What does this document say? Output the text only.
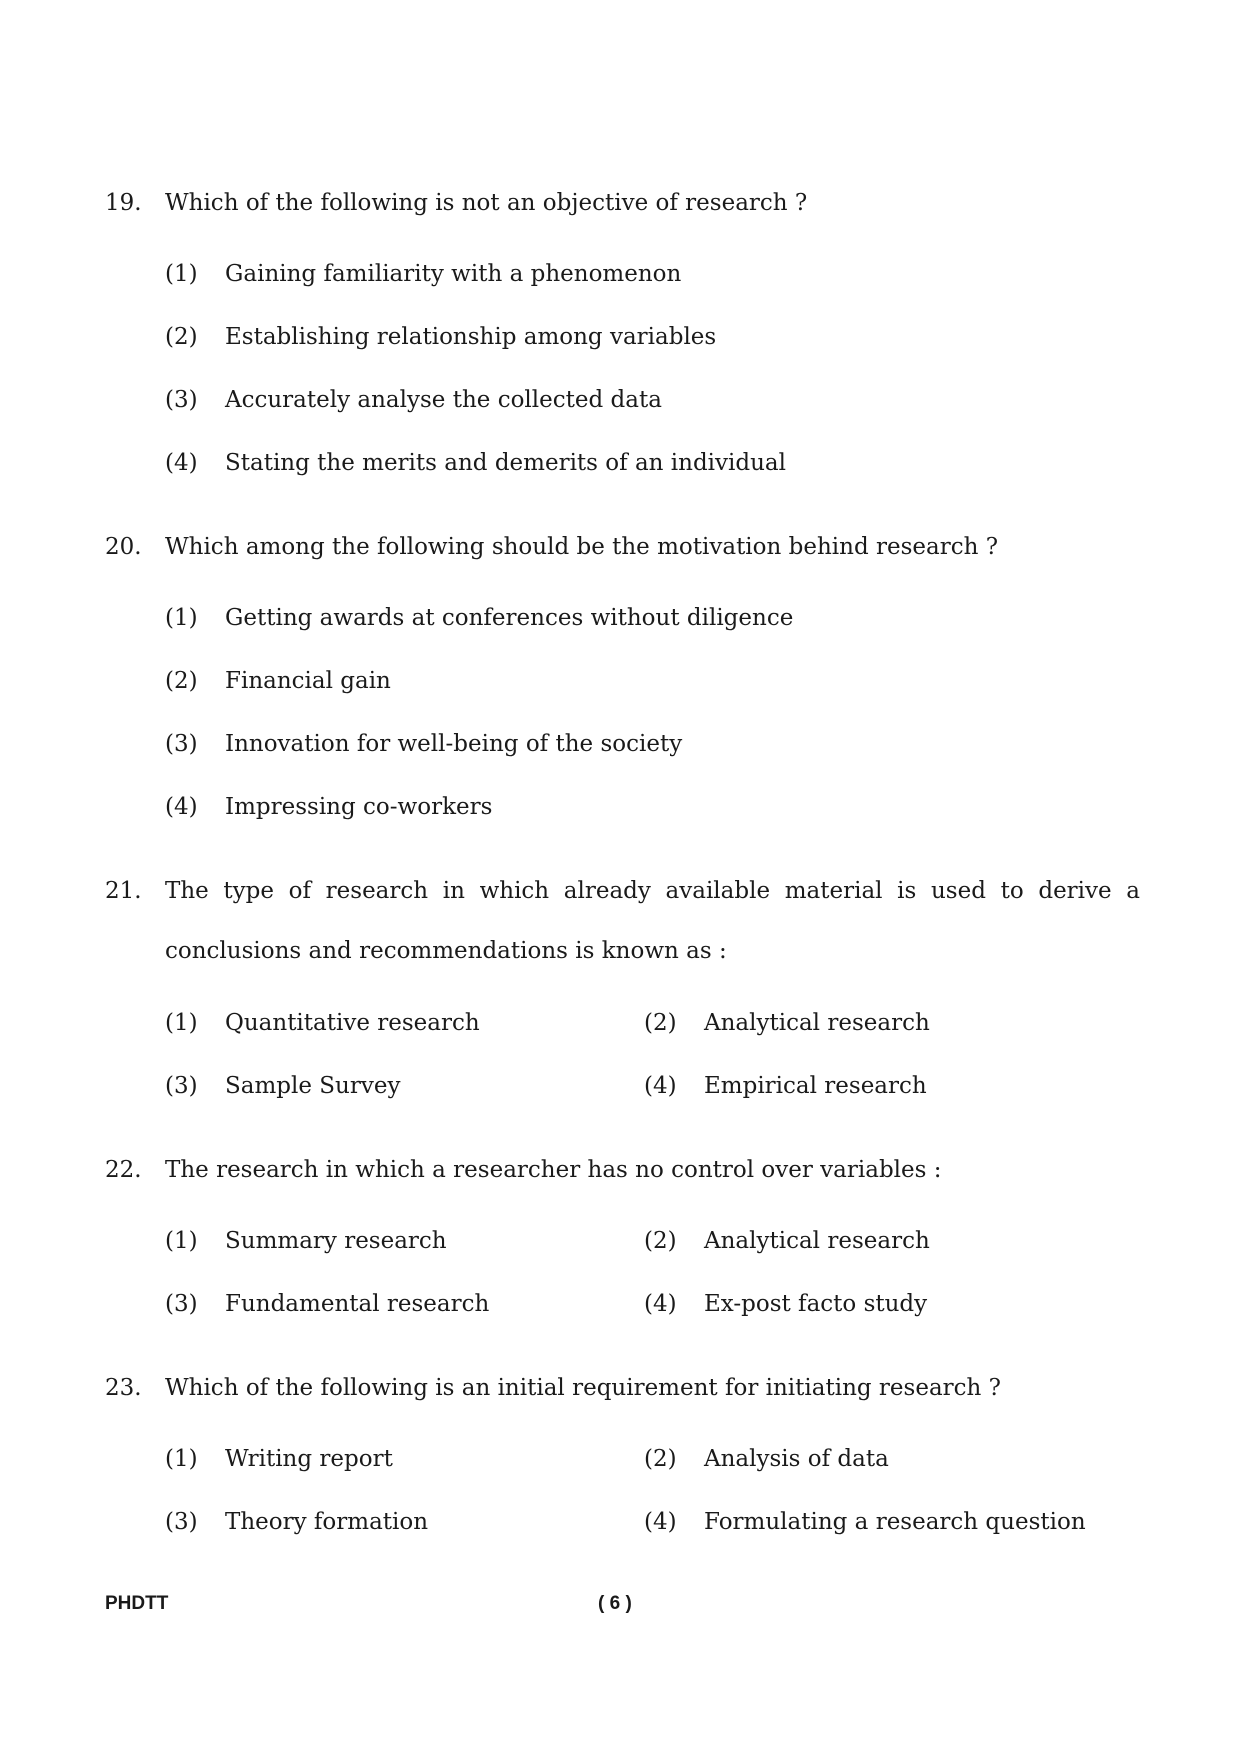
19. Which of the following is not an objective of research ?
(1) Gaining familiarity with a phenomenon
(2) Establishing relationship among variables
(3) Accurately analyse the collected data
(4) Stating the merits and demerits of an individual
20. Which among the following should be the motivation behind research ?
(1) Getting awards at conferences without diligence
(2) Financial gain
(3) Innovation for well-being of the society
(4) Impressing co-workers
21. The type of research in which already available material is used to derive a conclusions and recommendations is known as :
(1) Quantitative research	(2) Analytical research
(3) Sample Survey	(4) Empirical research
22. The research in which a researcher has no control over variables :
(1) Summary research	(2) Analytical research
(3) Fundamental research	(4) Ex-post facto study
23. Which of the following is an initial requirement for initiating research ?
(1) Writing report	(2) Analysis of data
(3) Theory formation	(4) Formulating a research question
PHDTT	( 6 )
